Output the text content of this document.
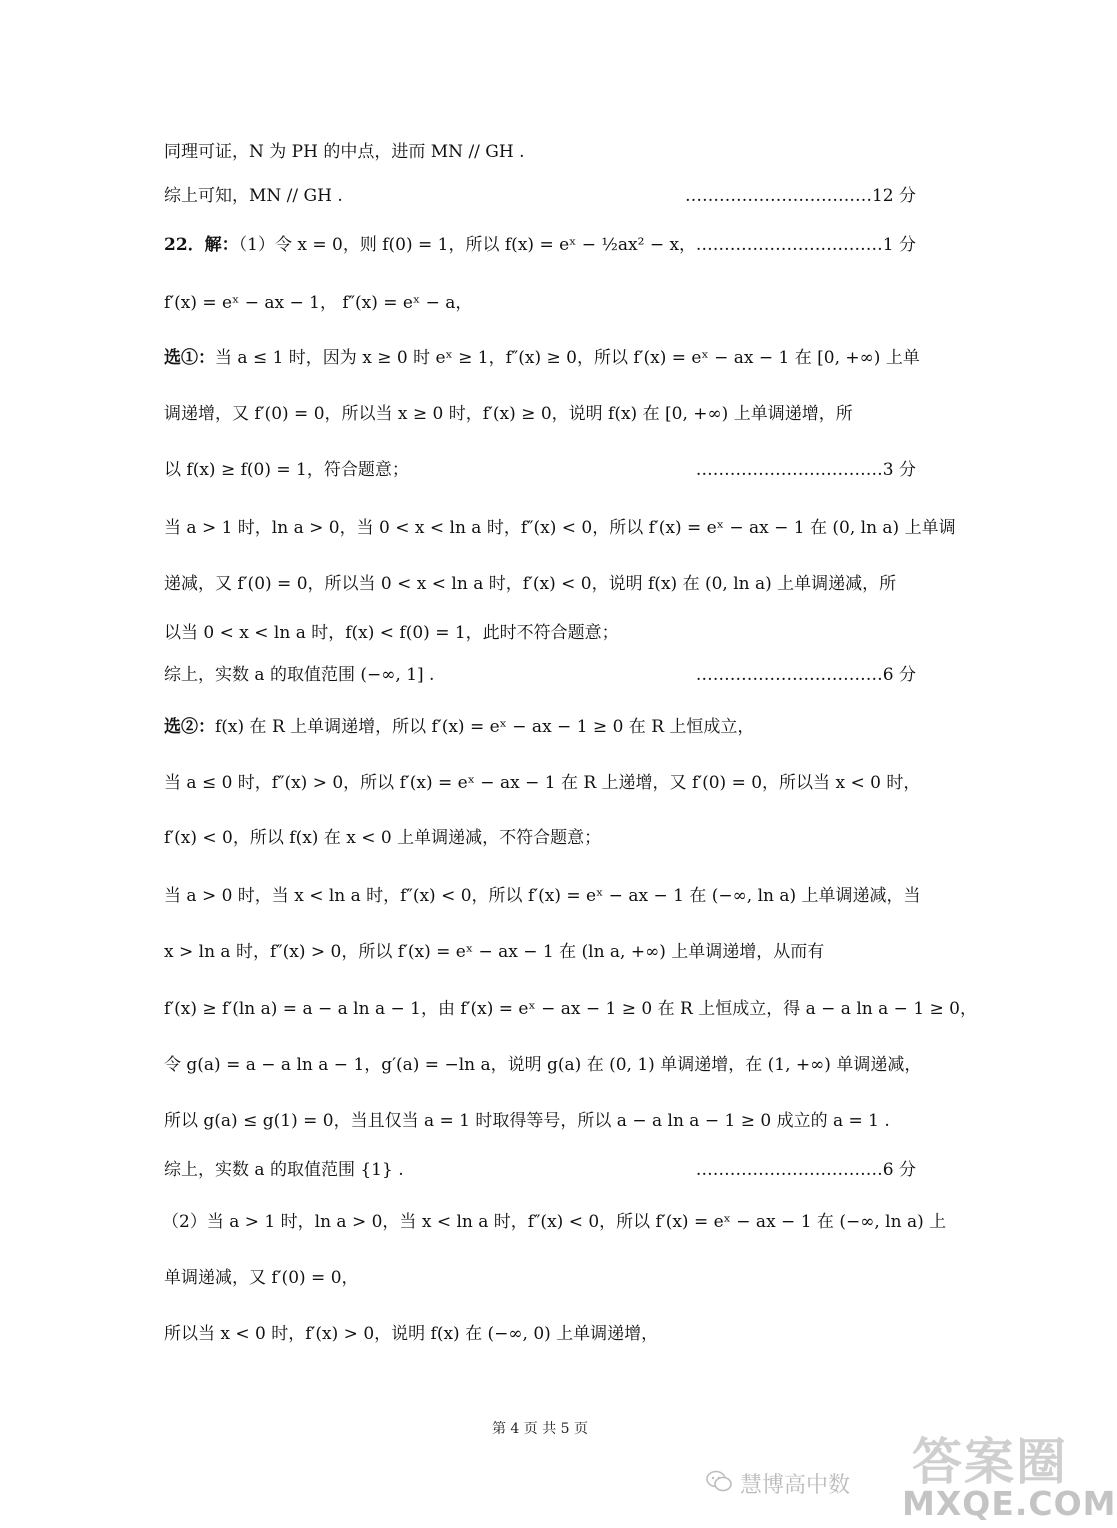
同理可证，N 为 PH 的中点，进而 MN // GH .
综上可知，MN // GH .	……………………………12 分
22．解：（1）令 x = 0，则 f(0) = 1，所以 f(x) = eˣ − ½ax² − x， ……………………………1 分
f′(x) = eˣ − ax − 1， f″(x) = eˣ − a，
选①：当 a ≤ 1 时，因为 x ≥ 0 时 eˣ ≥ 1，f″(x) ≥ 0，所以 f′(x) = eˣ − ax − 1 在 [0, +∞) 上单
调递增，又 f′(0) = 0，所以当 x ≥ 0 时，f′(x) ≥ 0，说明 f(x) 在 [0, +∞) 上单调递增，所
以 f(x) ≥ f(0) = 1，符合题意；	……………………………3 分
当 a > 1 时，ln a > 0，当 0 < x < ln a 时，f″(x) < 0，所以 f′(x) = eˣ − ax − 1 在 (0, ln a) 上单调
递减，又 f′(0) = 0，所以当 0 < x < ln a 时，f′(x) < 0，说明 f(x) 在 (0, ln a) 上单调递减，所
以当 0 < x < ln a 时，f(x) < f(0) = 1，此时不符合题意；
综上，实数 a 的取值范围 (−∞, 1] .	……………………………6 分
选②：f(x) 在 R 上单调递增，所以 f′(x) = eˣ − ax − 1 ≥ 0 在 R 上恒成立，
当 a ≤ 0 时，f″(x) > 0，所以 f′(x) = eˣ − ax − 1 在 R 上递增，又 f′(0) = 0，所以当 x < 0 时，
f′(x) < 0，所以 f(x) 在 x < 0 上单调递减，不符合题意；
当 a > 0 时，当 x < ln a 时，f″(x) < 0，所以 f′(x) = eˣ − ax − 1 在 (−∞, ln a) 上单调递减，当
x > ln a 时，f″(x) > 0，所以 f′(x) = eˣ − ax − 1 在 (ln a, +∞) 上单调递增，从而有
f′(x) ≥ f′(ln a) = a − a ln a − 1，由 f′(x) = eˣ − ax − 1 ≥ 0 在 R 上恒成立，得 a − a ln a − 1 ≥ 0，
令 g(a) = a − a ln a − 1，g′(a) = −ln a，说明 g(a) 在 (0, 1) 单调递增，在 (1, +∞) 单调递减，
所以 g(a) ≤ g(1) = 0，当且仅当 a = 1 时取得等号，所以 a − a ln a − 1 ≥ 0 成立的 a = 1 .
综上，实数 a 的取值范围 {1} .	……………………………6 分
（2）当 a > 1 时，ln a > 0，当 x < ln a 时，f″(x) < 0，所以 f′(x) = eˣ − ax − 1 在 (−∞, ln a) 上
单调递减，又 f′(0) = 0，
所以当 x < 0 时，f′(x) > 0，说明 f(x) 在 (−∞, 0) 上单调递增，
第 4 页 共 5 页
慧博高中数 答案圈
MXQE.COM
